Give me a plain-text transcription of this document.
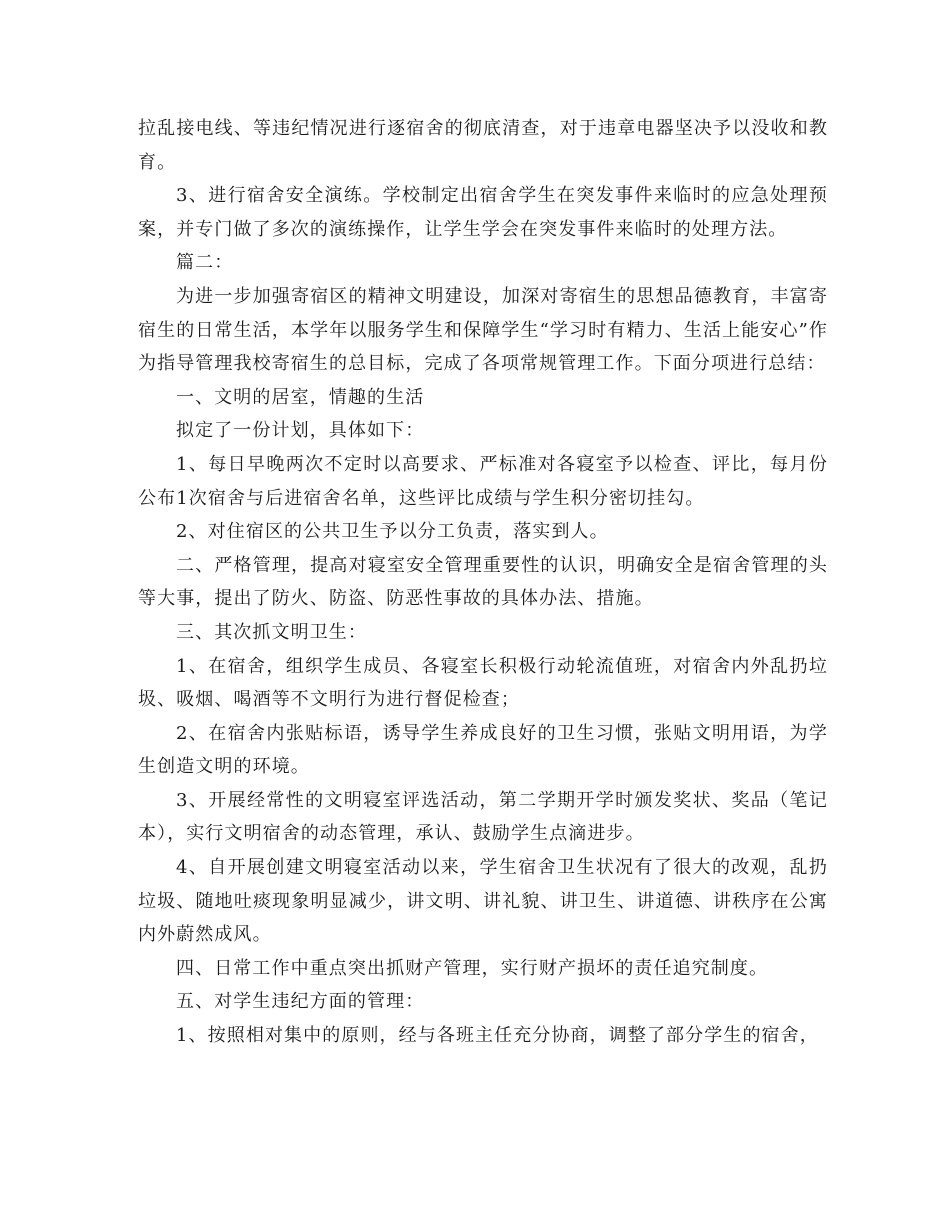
拉乱接电线、等违纪情况进行逐宿舍的彻底清查，对于违章电器坚决予以没收和教育。

3、进行宿舍安全演练。学校制定出宿舍学生在突发事件来临时的应急处理预案，并专门做了多次的演练操作，让学生学会在突发事件来临时的处理方法。

篇二：

为进一步加强寄宿区的精神文明建设，加深对寄宿生的思想品德教育，丰富寄宿生的日常生活，本学年以服务学生和保障学生“学习时有精力、生活上能安心”作为指导管理我校寄宿生的总目标，完成了各项常规管理工作。下面分项进行总结：

一、文明的居室，情趣的生活

拟定了一份计划，具体如下：

1、每日早晚两次不定时以高要求、严标准对各寝室予以检查、评比，每月份公布1次宿舍与后进宿舍名单，这些评比成绩与学生积分密切挂勾。

2、对住宿区的公共卫生予以分工负责，落实到人。

二、严格管理，提高对寝室安全管理重要性的认识，明确安全是宿舍管理的头等大事，提出了防火、防盗、防恶性事故的具体办法、措施。

三、其次抓文明卫生：

1、在宿舍，组织学生成员、各寝室长积极行动轮流值班，对宿舍内外乱扔垃圾、吸烟、喝酒等不文明行为进行督促检查；

2、在宿舍内张贴标语，诱导学生养成良好的卫生习惯，张贴文明用语，为学生创造文明的环境。

3、开展经常性的文明寝室评选活动，第二学期开学时颁发奖状、奖品（笔记本），实行文明宿舍的动态管理，承认、鼓励学生点滴进步。

4、自开展创建文明寝室活动以来，学生宿舍卫生状况有了很大的改观，乱扔垃圾、随地吐痰现象明显减少，讲文明、讲礼貌、讲卫生、讲道德、讲秩序在公寓内外蔚然成风。

四、日常工作中重点突出抓财产管理，实行财产损坏的责任追究制度。

五、对学生违纪方面的管理：

1、按照相对集中的原则，经与各班主任充分协商，调整了部分学生的宿舍，
